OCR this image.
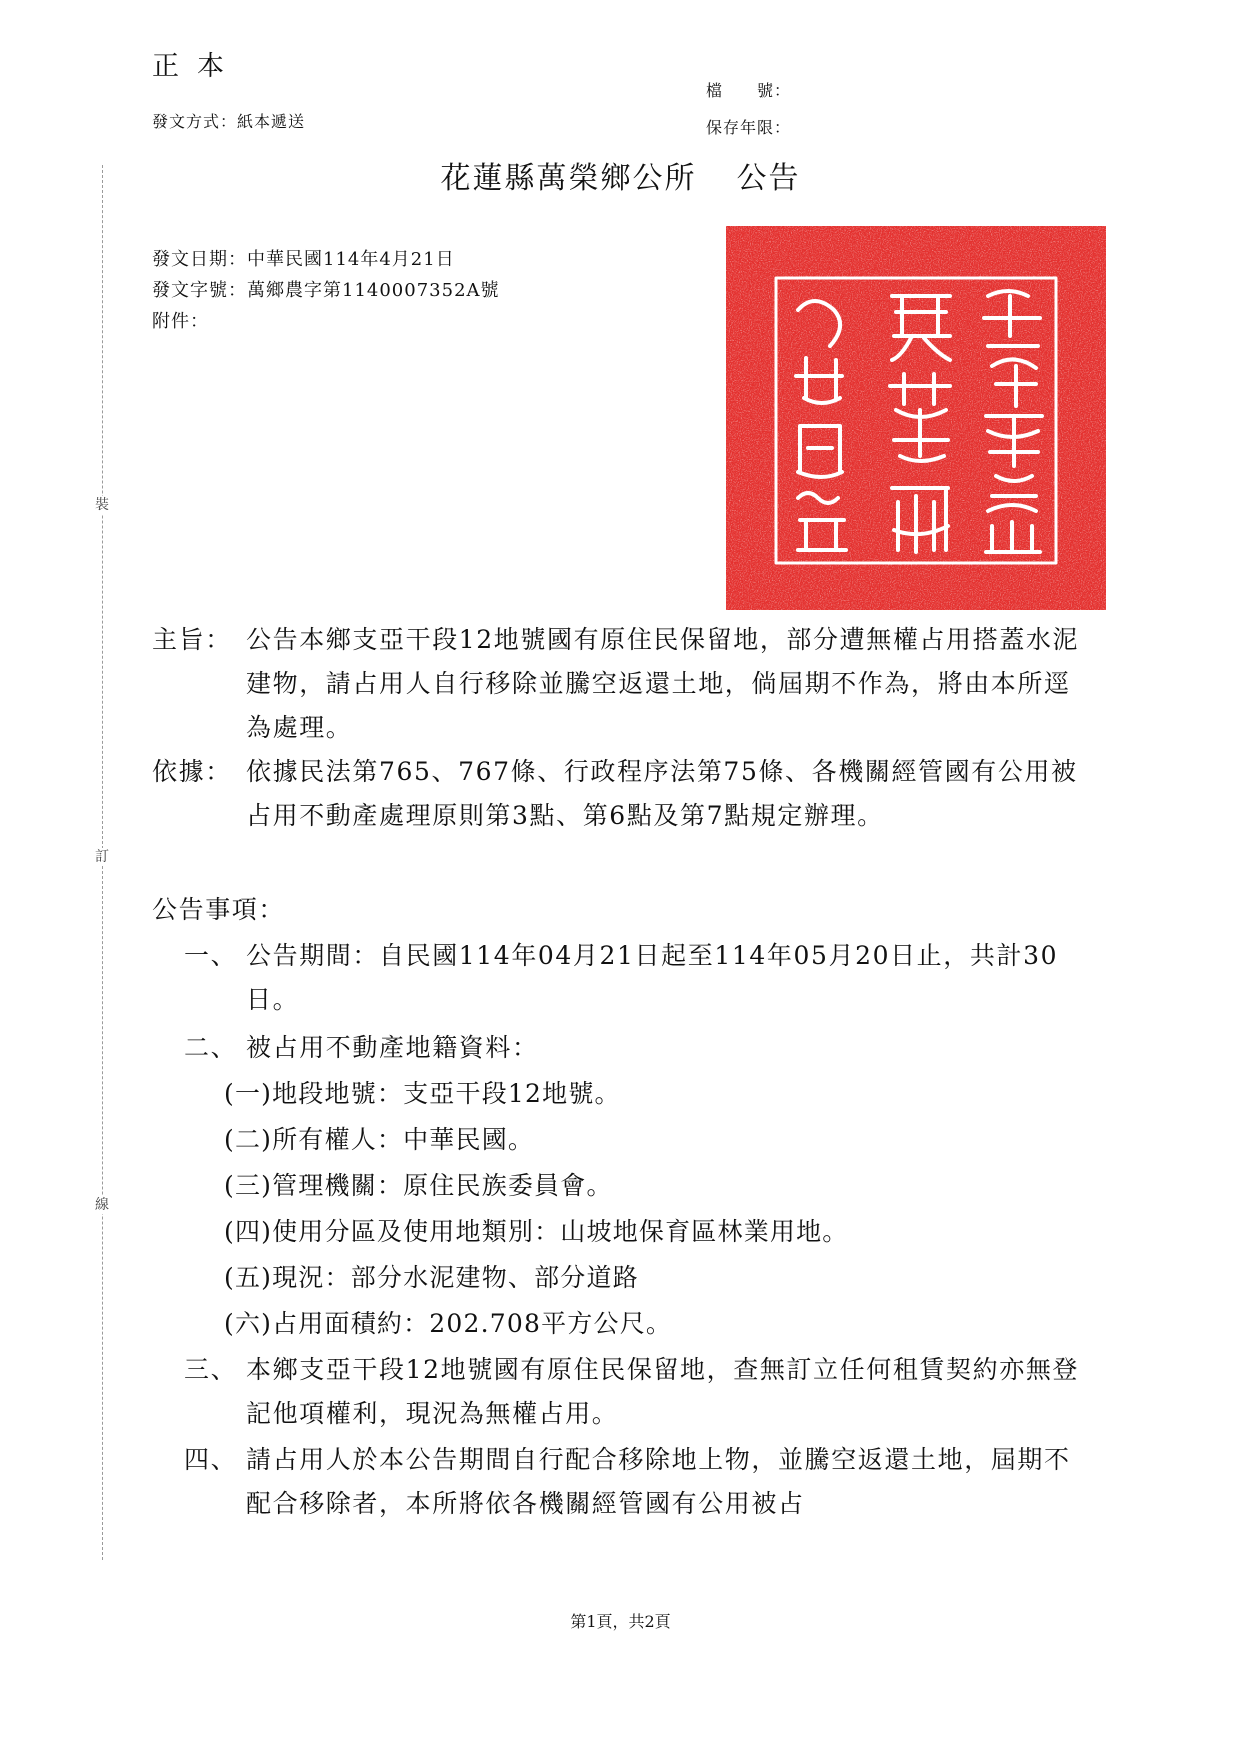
裝
訂
線
正本
發文方式：紙本遞送
檔　　號：
保存年限：
花蓮縣萬榮鄉公所 公告
發文日期：中華民國114年4月21日
發文字號：萬鄉農字第1140007352A號
附件：
主旨： 公告本鄉支亞干段12地號國有原住民保留地，部分遭無權占用搭蓋水泥建物，請占用人自行移除並騰空返還土地，倘屆期不作為，將由本所逕為處理。
依據： 依據民法第765、767條、行政程序法第75條、各機關經管國有公用被占用不動產處理原則第3點、第6點及第7點規定辦理。
公告事項：
一、 公告期間：自民國114年04月21日起至114年05月20日止，共計30日。
二、 被占用不動產地籍資料：
(一)地段地號：支亞干段12地號。
(二)所有權人：中華民國。
(三)管理機關：原住民族委員會。
(四)使用分區及使用地類別：山坡地保育區林業用地。
(五)現況：部分水泥建物、部分道路
(六)占用面積約：202.708平方公尺。
三、 本鄉支亞干段12地號國有原住民保留地，查無訂立任何租賃契約亦無登記他項權利，現況為無權占用。
四、 請占用人於本公告期間自行配合移除地上物，並騰空返還土地，屆期不配合移除者，本所將依各機關經管國有公用被占
第1頁，共2頁
